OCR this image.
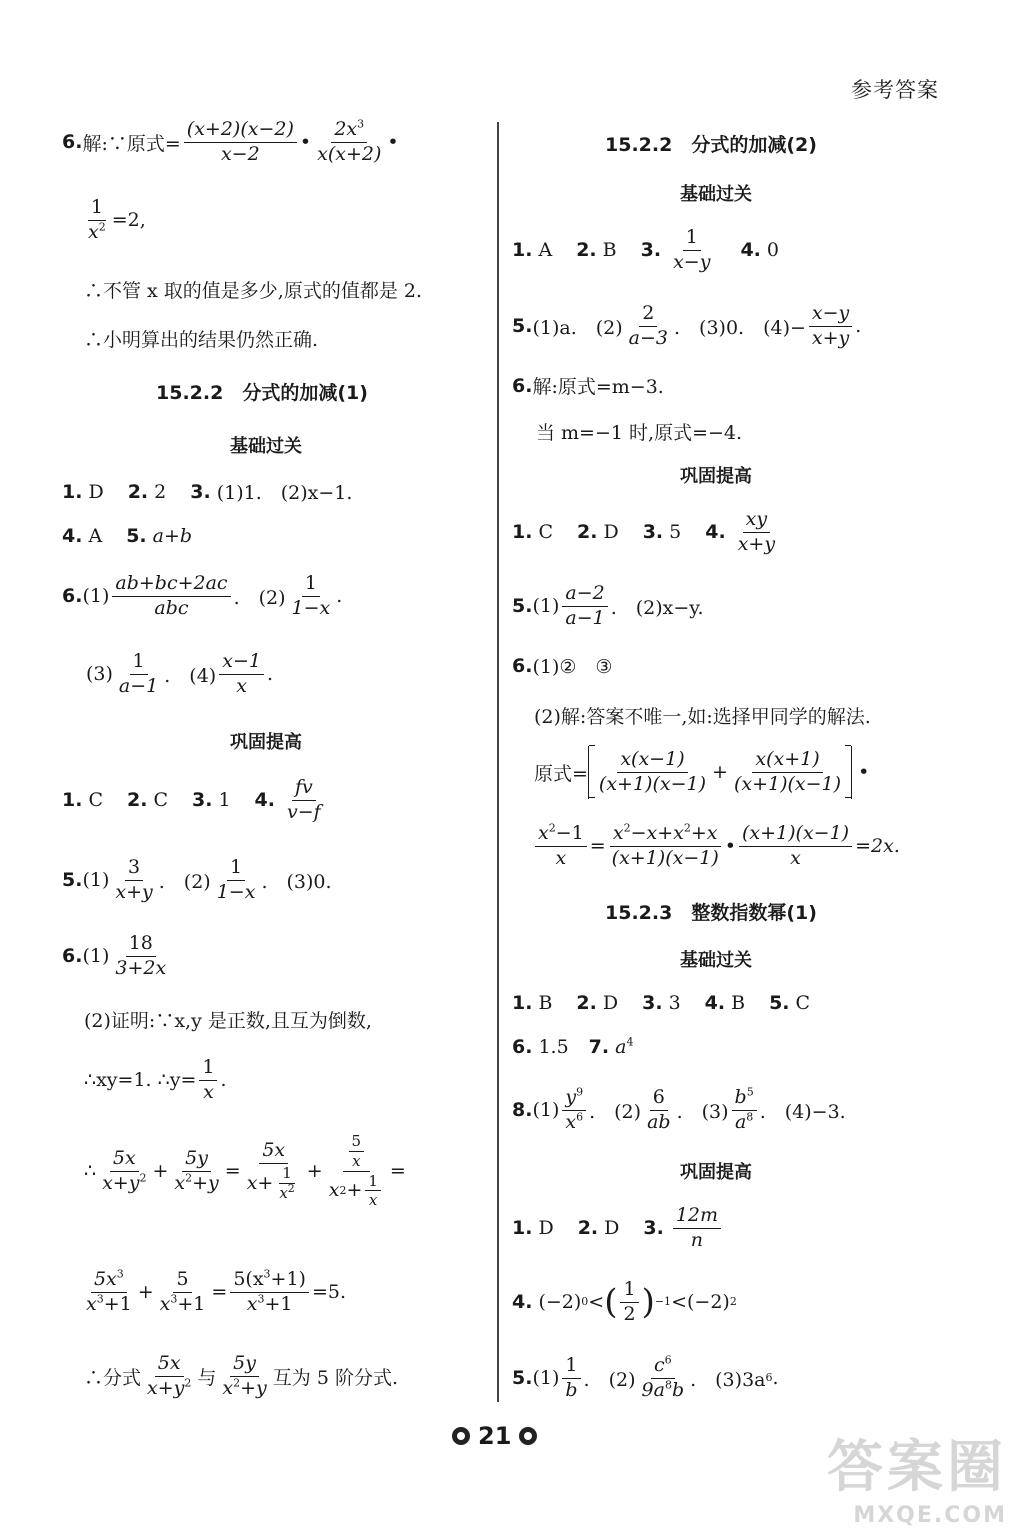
参考答案
6. 解:∵原式= $\frac{(x+2)(x-2)}{x-2}$ •
$2x^3$
x(x+2)
•
$\frac{1}{x^2} =2$,
∴不管 x 取的值是多少,原式的值都是 2.
∴小明算出的结果仍然正确.
15.2.2　分式的加减(1)
基础过关
1. D 2. 2 3. (1)1.　(2)x−1.
4. A 5. a+b
6. (1)
ab+bc+2ac
abc .　(2)
1
1−x
.
(3)
1
a−1 .　(4)
x−1
x
.
巩固提高
1. C 2. C 3. 1 4.
fv
v−f
5. (1)
3
x+y .　(2)
1
1−x .　(3)0.
6. (1)
18
3+2x
(2)证明:∵x,y 是正数,且互为倒数,
∴xy=1. ∴y= $\frac{1}{x}$ .
∴
5x
$x+y^2 + \frac{5y}{x^2+y} = \frac{5x}{x+ \frac{1}{x^2}} + \frac{\frac{5}{x}}{x 2 + \frac{1}{x}}$ =
$5x^3$
$x^3+1$
+ $\frac{5}{x^3+1} = \frac{5(x^3+1)}{x^3+1} =5$.
∴分式
5x
$x+y^2$ 与
5y
$x^2+y$ 互为 5 阶分式.
15.2.2　分式的加减(2)
基础过关
1. A 2. B 3.
1
x−y
4. 0
5. (1)a.　(2)
2
a−3 .　(3)0.　$(4)- \frac{x-y}{x+y}$ .
6. 解:原式=m−3.
当 m=−1 时,原式=−4.
巩固提高
1. C 2. D 3. 5 4.
xy
x+y
5. (1)
a−2
a−1 .　(2)x−y.
6. (1)②　③
(2)解:答案不唯一,如:选择甲同学的解法.
原式=
x(x−1)
(x+1)(x−1)
+ $\frac{x(x+1)}{(x+1)(x-1)}$ •
$\frac{x^2-1}{x} = \frac{x^2-x+x^2+x}{(x+1)(x-1)}$ • $\frac{(x+1)(x-1)}{x} =2x$.
15.2.3　整数指数幂(1)
基础过关
1. B 2. D 3. 3 4. B 5. C
6. 1.5 7. $a^4$
8. (1)
$y^9$
$x^6$ .　(2)
6
ab .　(3)
$b^5$
$a^8$ .　(4)−3.
巩固提高
1. D 2. D 3.
12m
n
4. (−2) 0 < ( 1
2 ) −1 <(−2) 2
5. (1)
1
b .　(2)
$c^6$
$9a^8b$ .　(3)3a 6 .
21	答案圈
MXQE.COM
